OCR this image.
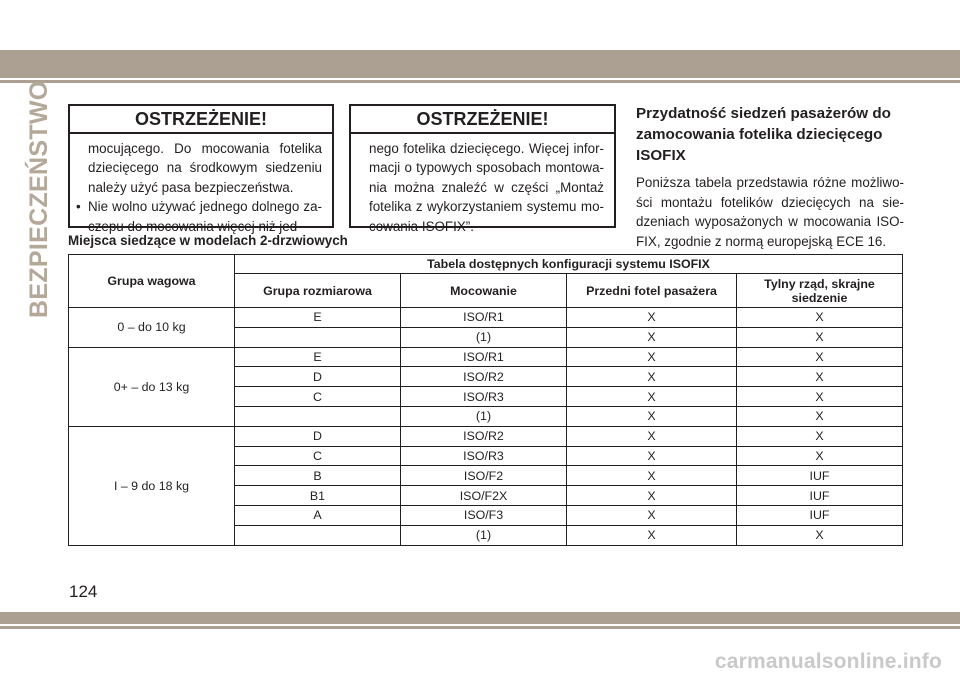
BEZPIECZEŃSTWO	OSTRZEŻENIE!
mocującego. Do mocowania fotelika dziecięcego na środkowym siedzeniu należy użyć pasa bezpieczeństwa.
• Nie wolno używać jednego dolnego za-czepu do mocowania więcej niż jed-
OSTRZEŻENIE!
nego fotelika dziecięcego. Więcej infor-macji o typowych sposobach montowa-nia można znaleźć w części „Montaż fotelika z wykorzystaniem systemu mo-cowania ISOFIX”.
Przydatność siedzeń pasażerów do zamocowania fotelika dziecięcego ISOFIX

Poniższa tabela przedstawia różne możliwo-ści montażu fotelików dziecięcych na sie-dzeniach wyposażonych w mocowania ISO-FIX, zgodnie z normą europejską ECE 16.

Miejsca siedzące w modelach 2-drzwiowych
Grupa wagowa	Tabela dostępnych konfiguracji systemu ISOFIX			
	Grupa rozmiarowa	Mocowanie	Przedni fotel pasażera	Tylny rząd, skrajne siedzenie
0 – do 10 kg	E	ISO/R1	X	X
		(1)	X	X
0+ – do 13 kg	E	ISO/R1	X	X
	D	ISO/R2	X	X
	C	ISO/R3	X	X
		(1)	X	X
I – 9 do 18 kg	D	ISO/R2	X	X
	C	ISO/R3	X	X
	B	ISO/F2	X	IUF
	B1	ISO/F2X	X	IUF
	A	ISO/F3	X	IUF
		(1)	X	X
124
carmanualsonline.info
